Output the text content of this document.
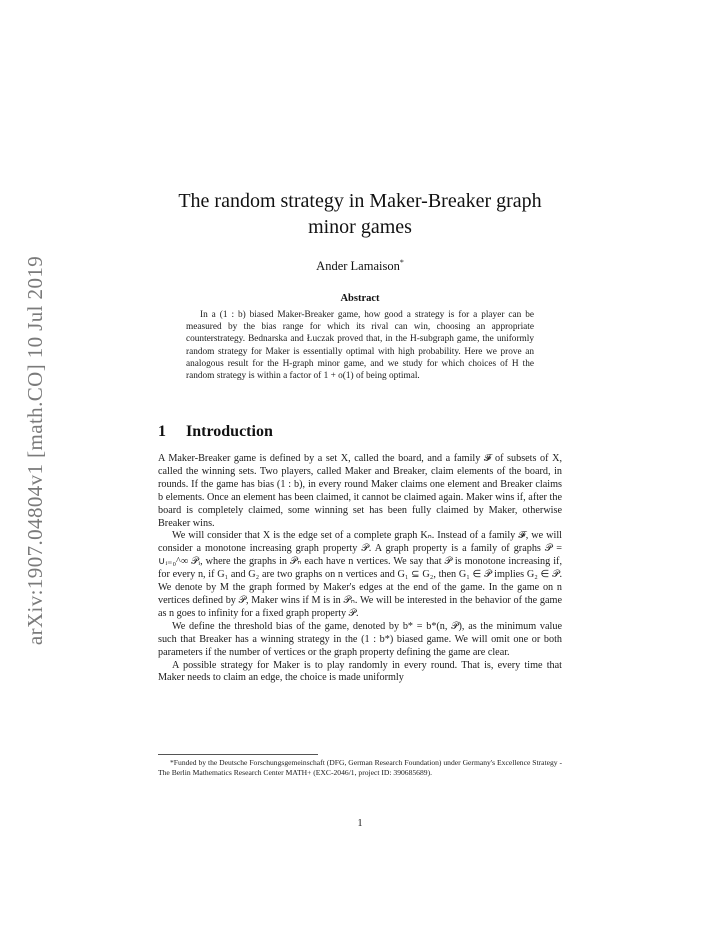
arXiv:1907.04804v1 [math.CO] 10 Jul 2019
The random strategy in Maker-Breaker graph
minor games
Ander Lamaison*
Abstract

In a (1 : b) biased Maker-Breaker game, how good a strategy is for a player can be measured by the bias range for which its rival can win, choosing an appropriate counterstrategy. Bednarska and Łuczak proved that, in the H-subgraph game, the uniformly random strategy for Maker is essentially optimal with high probability. Here we prove an analogous result for the H-graph minor game, and we study for which choices of H the random strategy is within a factor of 1 + o(1) of being optimal.

1 Introduction

A Maker-Breaker game is defined by a set X, called the board, and a family 𝓕 of subsets of X, called the winning sets. Two players, called Maker and Breaker, claim elements of the board, in rounds. If the game has bias (1 : b), in every round Maker claims one element and Breaker claims b elements. Once an element has been claimed, it cannot be claimed again. Maker wins if, after the board is completely claimed, some winning set has been fully claimed by Maker, otherwise Breaker wins.

We will consider that X is the edge set of a complete graph Kₙ. Instead of a family 𝓕, we will consider a monotone increasing graph property 𝒫. A graph property is a family of graphs 𝒫 = ∪ᵢ₌₀^∞ 𝒫ᵢ, where the graphs in 𝒫ₙ each have n vertices. We say that 𝒫 is monotone increasing if, for every n, if G₁ and G₂ are two graphs on n vertices and G₁ ⊆ G₂, then G₁ ∈ 𝒫 implies G₂ ∈ 𝒫. We denote by M the graph formed by Maker's edges at the end of the game. In the game on n vertices defined by 𝒫, Maker wins if M is in 𝒫ₙ. We will be interested in the behavior of the game as n goes to infinity for a fixed graph property 𝒫.

We define the threshold bias of the game, denoted by b* = b*(n, 𝒫), as the minimum value such that Breaker has a winning strategy in the (1 : b*) biased game. We will omit one or both parameters if the number of vertices or the graph property defining the game are clear.

A possible strategy for Maker is to play randomly in every round. That is, every time that Maker needs to claim an edge, the choice is made uniformly

*Funded by the Deutsche Forschungsgemeinschaft (DFG, German Research Foundation) under Germany's Excellence Strategy - The Berlin Mathematics Research Center MATH+ (EXC-2046/1, project ID: 390685689).

1
